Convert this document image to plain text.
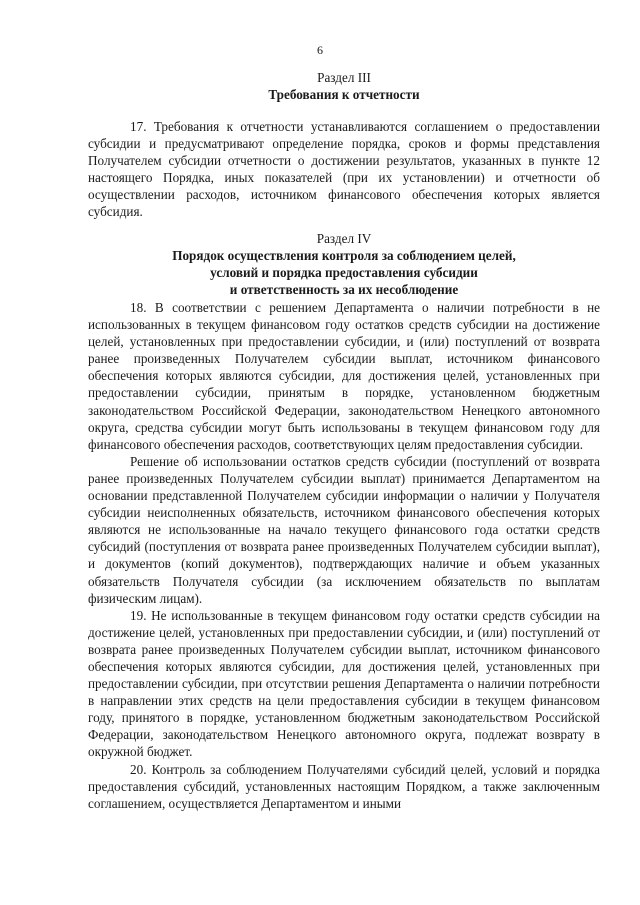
6
Раздел III
Требования к отчетности

17. Требования к отчетности устанавливаются соглашением о предоставлении субсидии и предусматривают определение порядка, сроков и формы представления Получателем субсидии отчетности о достижении результатов, указанных в пункте 12 настоящего Порядка, иных показателей (при их установлении) и отчетности об осуществлении расходов, источником финансового обеспечения которых является субсидия.

Раздел IV
Порядок осуществления контроля за соблюдением целей,
условий и порядка предоставления субсидии
и ответственность за их несоблюдение

18. В соответствии с решением Департамента о наличии потребности в не использованных в текущем финансовом году остатков средств субсидии на достижение целей, установленных при предоставлении субсидии, и (или) поступлений от возврата ранее произведенных Получателем субсидии выплат, источником финансового обеспечения которых являются субсидии, для достижения целей, установленных при предоставлении субсидии, принятым в порядке, установленном бюджетным законодательством Российской Федерации, законодательством Ненецкого автономного округа, средства субсидии могут быть использованы в текущем финансовом году для финансового обеспечения расходов, соответствующих целям предоставления субсидии.

Решение об использовании остатков средств субсидии (поступлений от возврата ранее произведенных Получателем субсидии выплат) принимается Департаментом на основании представленной Получателем субсидии информации о наличии у Получателя субсидии неисполненных обязательств, источником финансового обеспечения которых являются не использованные на начало текущего финансового года остатки средств субсидий (поступления от возврата ранее произведенных Получателем субсидии выплат), и документов (копий документов), подтверждающих наличие и объем указанных обязательств Получателя субсидии (за исключением обязательств по выплатам физическим лицам).

19. Не использованные в текущем финансовом году остатки средств субсидии на достижение целей, установленных при предоставлении субсидии, и (или) поступлений от возврата ранее произведенных Получателем субсидии выплат, источником финансового обеспечения которых являются субсидии, для достижения целей, установленных при предоставлении субсидии, при отсутствии решения Департамента о наличии потребности в направлении этих средств на цели предоставления субсидии в текущем финансовом году, принятого в порядке, установленном бюджетным законодательством Российской Федерации, законодательством Ненецкого автономного округа, подлежат возврату в окружной бюджет.

20. Контроль за соблюдением Получателями субсидий целей, условий и порядка предоставления субсидий, установленных настоящим Порядком, а также заключенным соглашением, осуществляется Департаментом и иными
